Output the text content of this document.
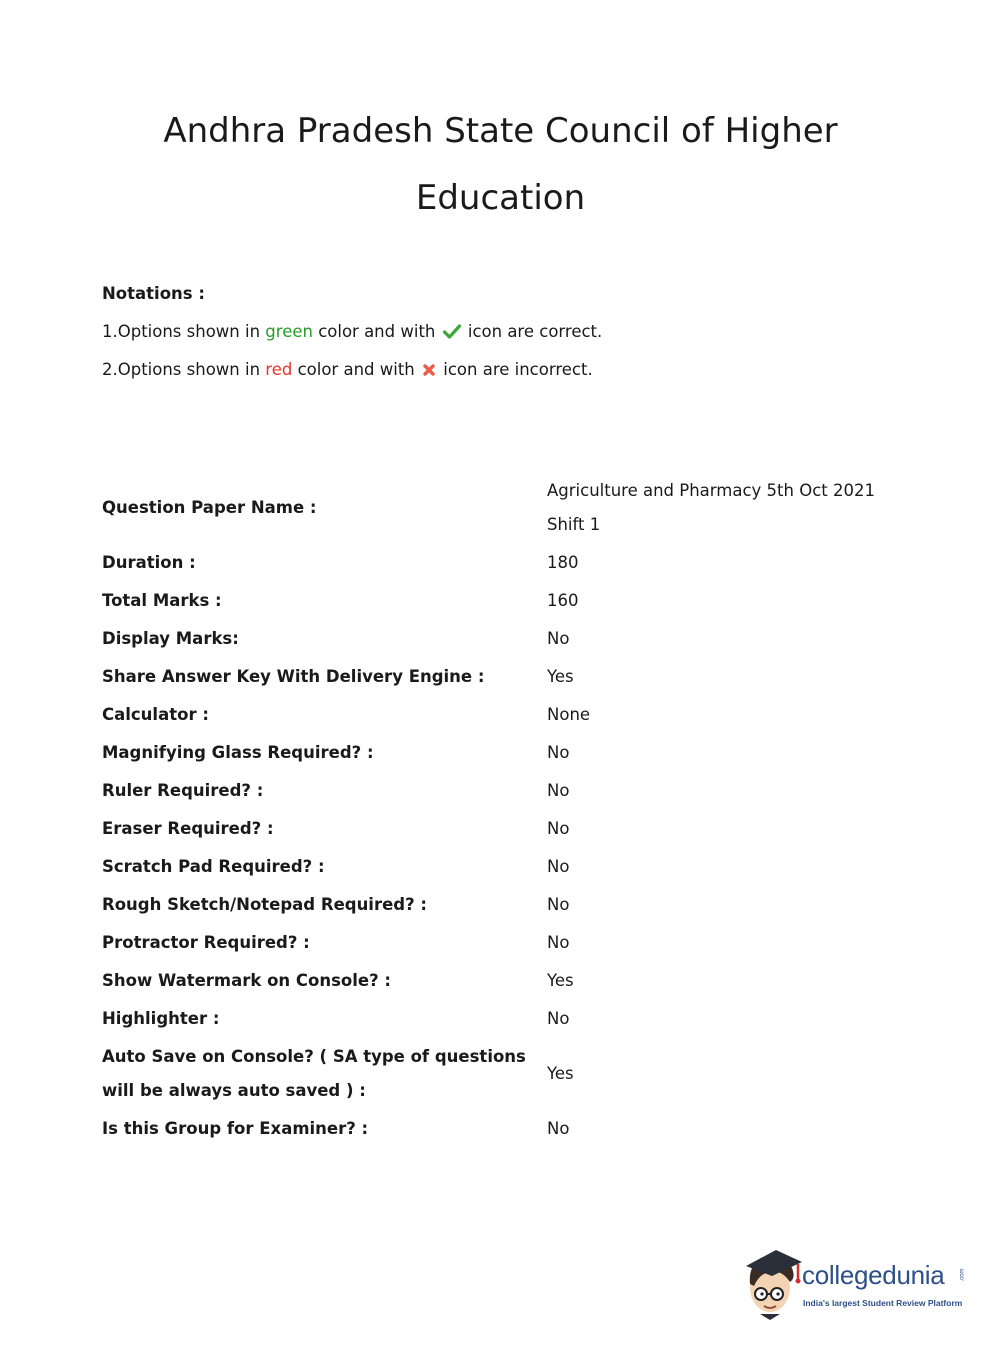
Andhra Pradesh State Council of Higher
Education
Notations :
1.Options shown in green color and with  icon are correct.
2.Options shown in red color and with  icon are incorrect.
Question Paper Name :	Agriculture and Pharmacy 5th Oct 2021 Shift 1
Duration :	180
Total Marks :	160
Display Marks:	No
Share Answer Key With Delivery Engine :	Yes
Calculator :	None
Magnifying Glass Required? :	No
Ruler Required? :	No
Eraser Required? :	No
Scratch Pad Required? :	No
Rough Sketch/Notepad Required? :	No
Protractor Required? :	No
Show Watermark on Console? :	Yes
Highlighter :	No
Auto Save on Console? ( SA type of questions will be always auto saved ) :	Yes
Is this Group for Examiner? :	No
collegedunia	.com
India's largest Student Review Platform
